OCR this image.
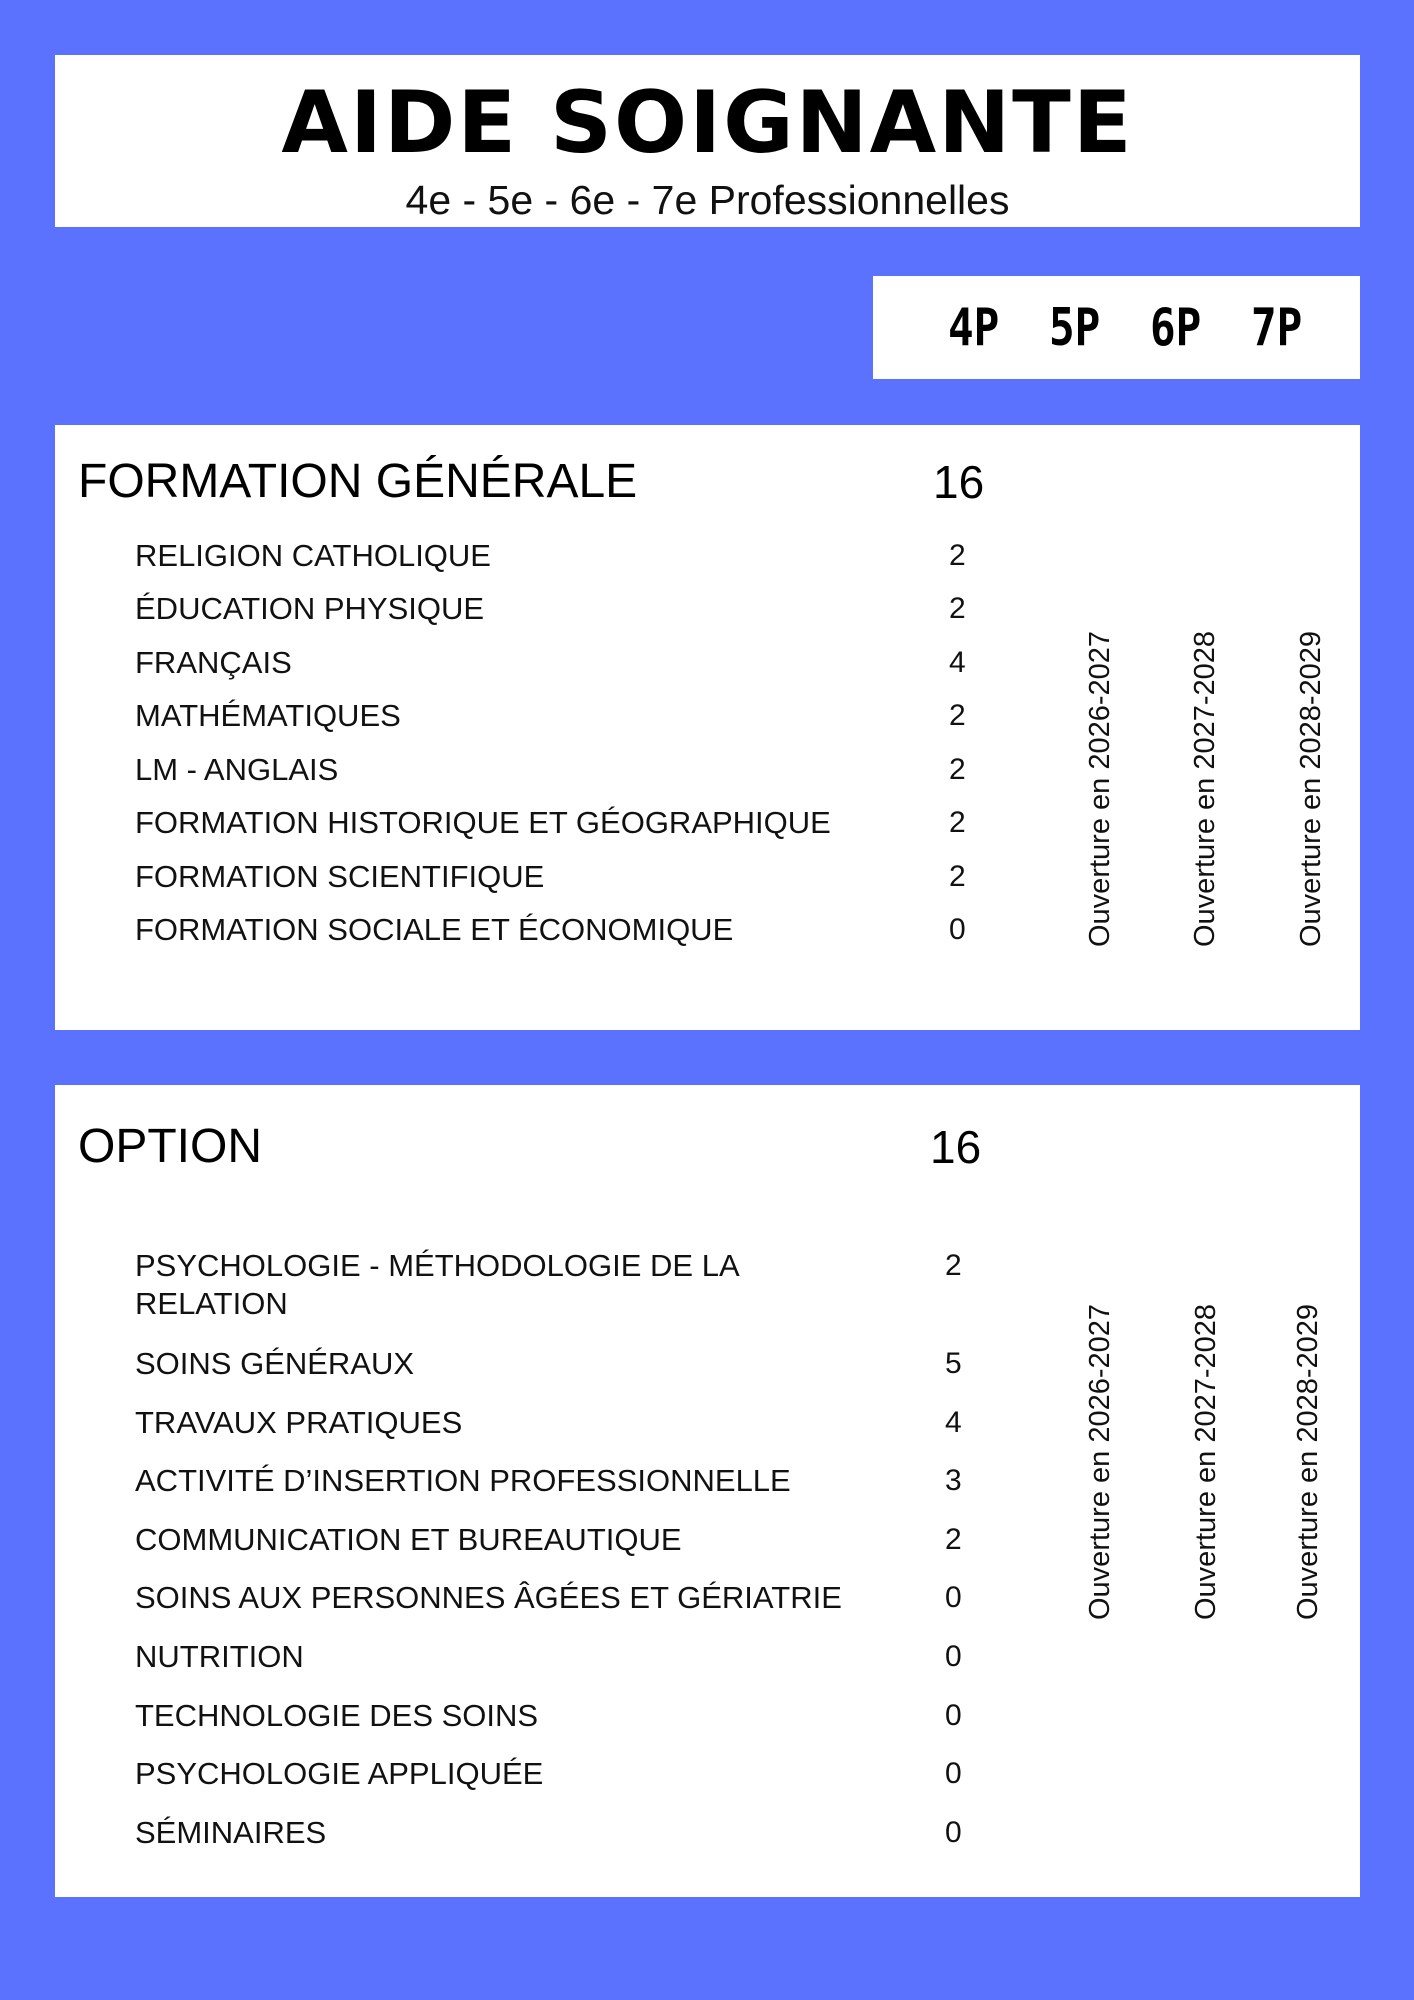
AIDE SOIGNANTE
4e - 5e - 6e - 7e Professionnelles
4P 5P 6P 7P
FORMATION GÉNÉRALE	16
RELIGION CATHOLIQUE	2
ÉDUCATION PHYSIQUE	2
FRANÇAIS	4
MATHÉMATIQUES	2
LM - ANGLAIS	2
FORMATION HISTORIQUE ET GÉOGRAPHIQUE	2
FORMATION SCIENTIFIQUE	2
FORMATION SOCIALE ET ÉCONOMIQUE	0	Ouverture en 2026-2027	Ouverture en 2027-2028	Ouverture en 2028-2029
OPTION	16
PSYCHOLOGIE - MÉTHODOLOGIE DE LA RELATION
2
SOINS GÉNÉRAUX	5
TRAVAUX PRATIQUES	4
ACTIVITÉ D’INSERTION PROFESSIONNELLE	3
COMMUNICATION ET BUREAUTIQUE	2
SOINS AUX PERSONNES ÂGÉES ET GÉRIATRIE	0
NUTRITION	0
TECHNOLOGIE DES SOINS	0
PSYCHOLOGIE APPLIQUÉE	0
SÉMINAIRES	0
Ouverture en 2026-2027	Ouverture en 2027-2028 Ouverture en 2028-2029
